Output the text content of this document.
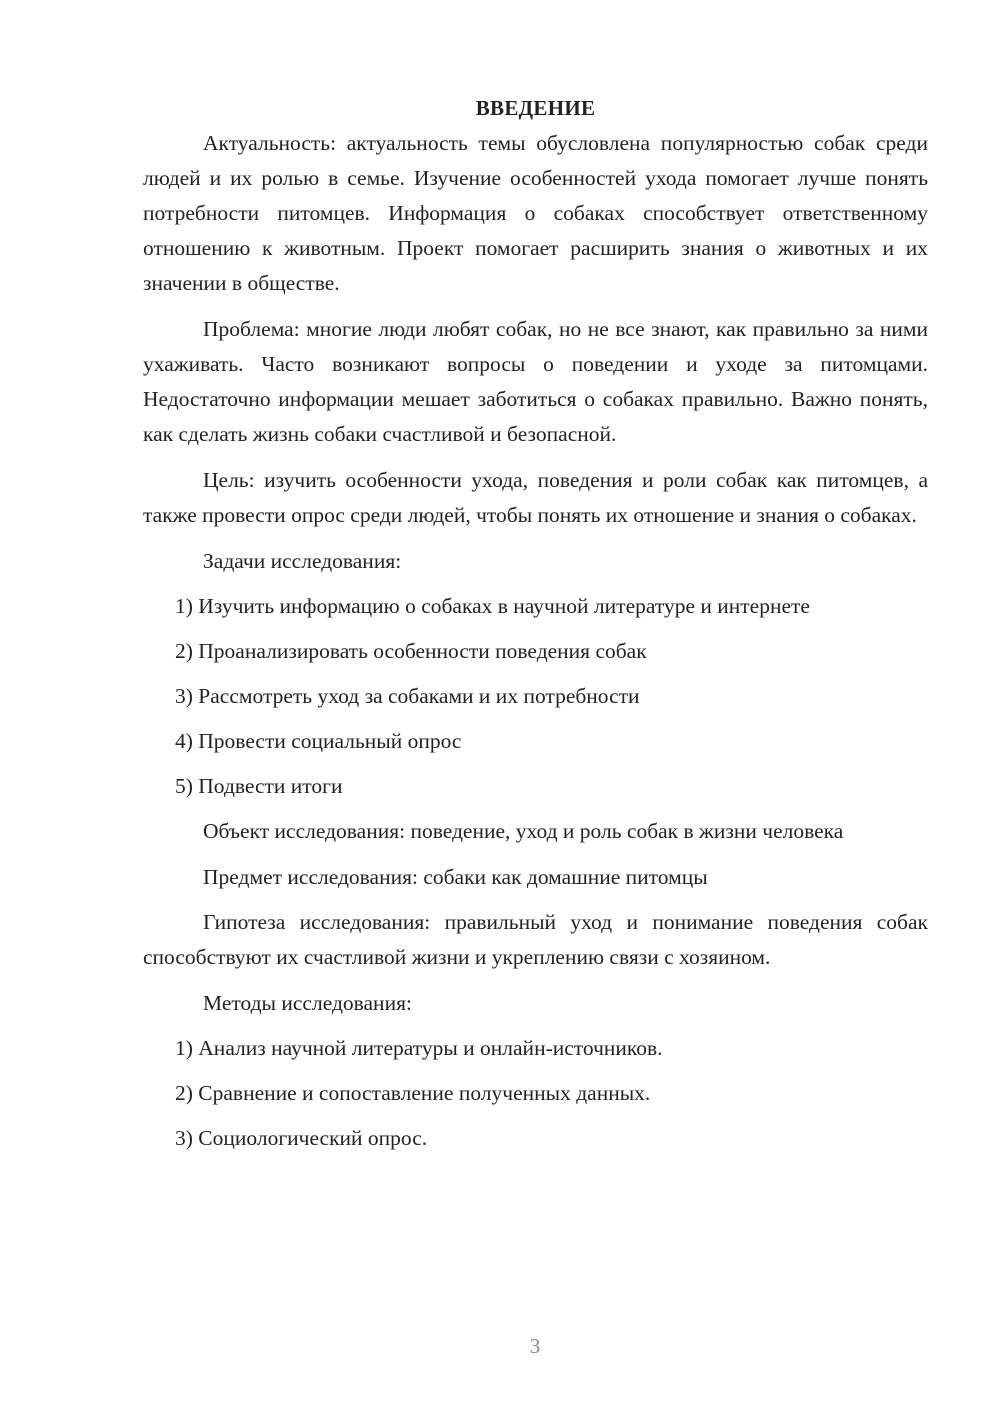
ВВЕДЕНИЕ

Актуальность: актуальность темы обусловлена популярностью собак среди людей и их ролью в семье. Изучение особенностей ухода помогает лучше понять потребности питомцев. Информация о собаках способствует ответственному отношению к животным. Проект помогает расширить знания о животных и их значении в обществе.

Проблема: многие люди любят собак, но не все знают, как правильно за ними ухаживать. Часто возникают вопросы о поведении и уходе за питомцами. Недостаточно информации мешает заботиться о собаках правильно. Важно понять, как сделать жизнь собаки счастливой и безопасной.

Цель: изучить особенности ухода, поведения и роли собак как питомцев, а также провести опрос среди людей, чтобы понять их отношение и знания о собаках.

Задачи исследования:

1) Изучить информацию о собаках в научной литературе и интернете

2) Проанализировать особенности поведения собак

3) Рассмотреть уход за собаками и их потребности

4) Провести социальный опрос

5) Подвести итоги

Объект исследования: поведение, уход и роль собак в жизни человека

Предмет исследования: собаки как домашние питомцы

Гипотеза исследования: правильный уход и понимание поведения собак способствуют их счастливой жизни и укреплению связи с хозяином.

Методы исследования:

1) Анализ научной литературы и онлайн-источников.

2) Сравнение и сопоставление полученных данных.

3) Социологический опрос.

3
